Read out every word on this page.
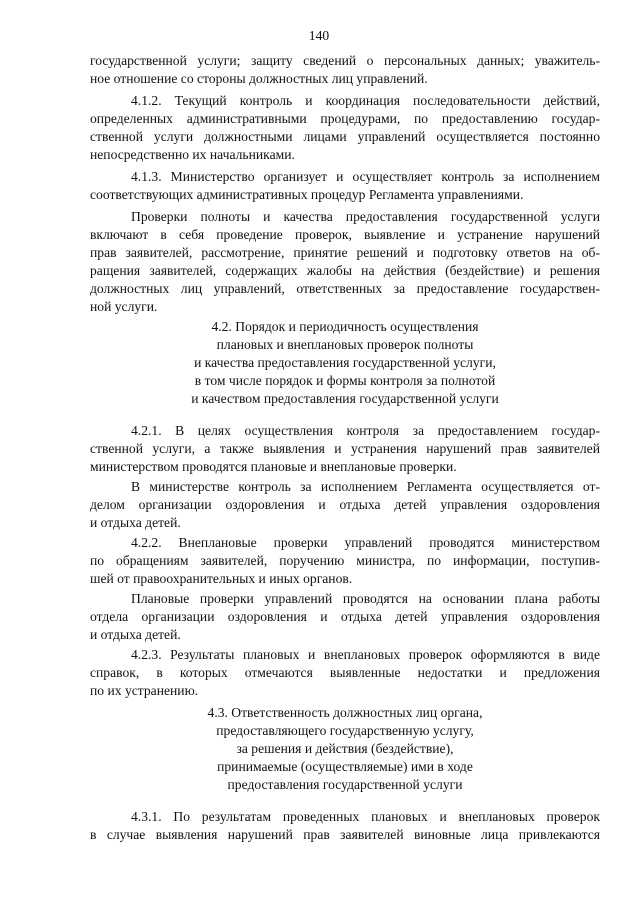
140
государственной услуги; защиту сведений о персональных данных; уважитель-
ное отношение со стороны должностных лиц управлений.
4.1.2. Текущий контроль и координация последовательности действий,
определенных административными процедурами, по предоставлению государ-
ственной услуги должностными лицами управлений осуществляется постоянно
непосредственно их начальниками.
4.1.3. Министерство организует и осуществляет контроль за исполнением
соответствующих административных процедур Регламента управлениями.
Проверки полноты и качества предоставления государственной услуги
включают в себя проведение проверок, выявление и устранение нарушений
прав заявителей, рассмотрение, принятие решений и подготовку ответов на об-
ращения заявителей, содержащих жалобы на действия (бездействие) и решения
должностных лиц управлений, ответственных за предоставление государствен-
ной услуги.
4.2. Порядок и периодичность осуществления
плановых и внеплановых проверок полноты
и качества предоставления государственной услуги,
в том числе порядок и формы контроля за полнотой
и качеством предоставления государственной услуги
4.2.1. В целях осуществления контроля за предоставлением государ-
ственной услуги, а также выявления и устранения нарушений прав заявителей
министерством проводятся плановые и внеплановые проверки.
В министерстве контроль за исполнением Регламента осуществляется от-
делом организации оздоровления и отдыха детей управления оздоровления
и отдыха детей.
4.2.2. Внеплановые проверки управлений проводятся министерством
по обращениям заявителей, поручению министра, по информации, поступив-
шей от правоохранительных и иных органов.
Плановые проверки управлений проводятся на основании плана работы
отдела организации оздоровления и отдыха детей управления оздоровления
и отдыха детей.
4.2.3. Результаты плановых и внеплановых проверок оформляются в виде
справок, в которых отмечаются выявленные недостатки и предложения
по их устранению.
4.3. Ответственность должностных лиц органа,
предоставляющего государственную услугу,
за решения и действия (бездействие),
принимаемые (осуществляемые) ими в ходе
предоставления государственной услуги
4.3.1. По результатам проведенных плановых и внеплановых проверок
в случае выявления нарушений прав заявителей виновные лица привлекаются
